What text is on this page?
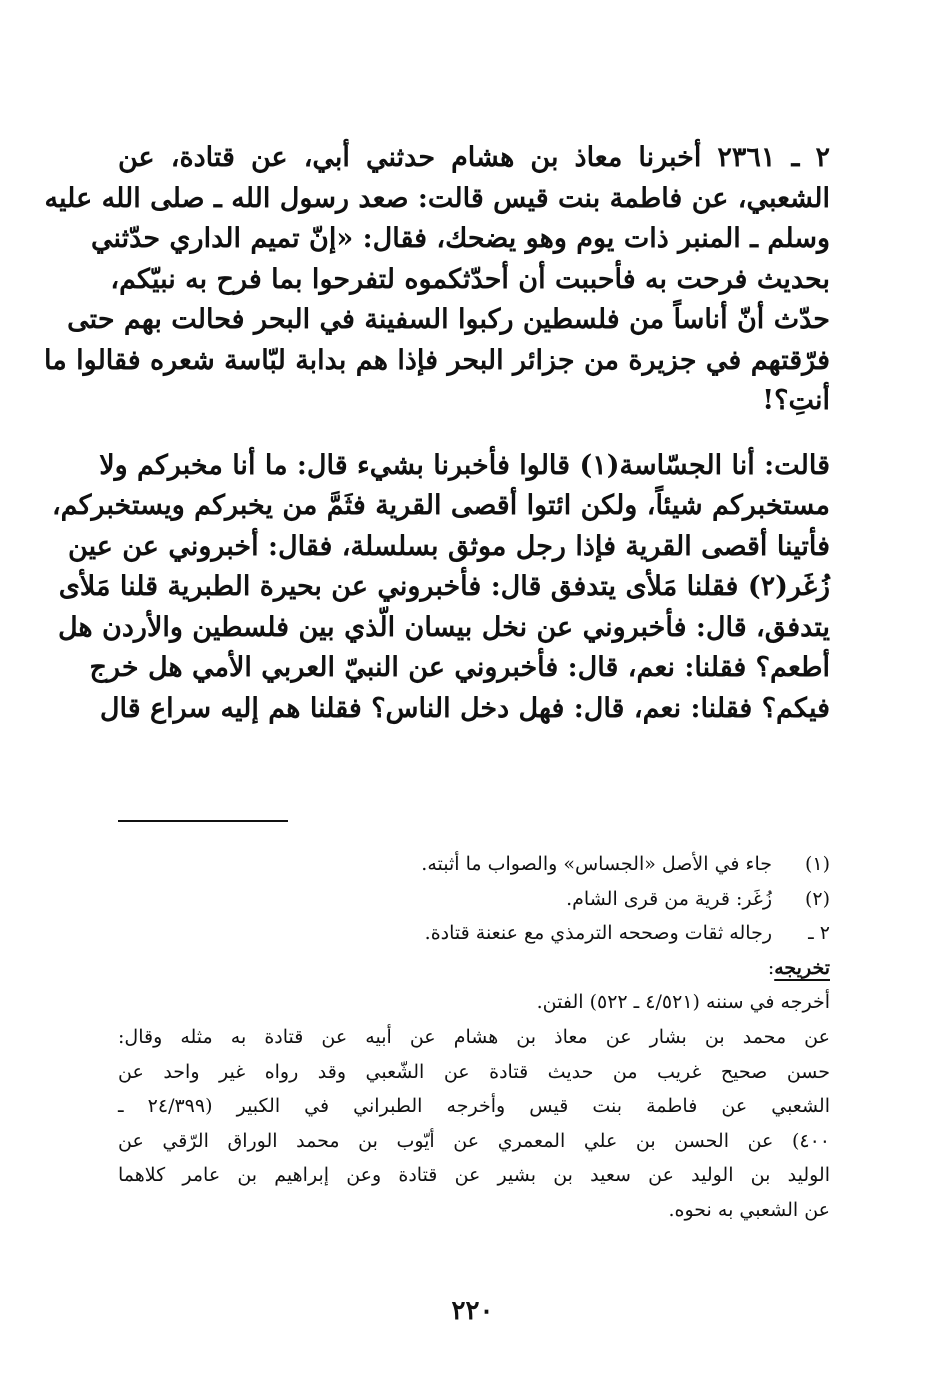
٢ ـ ٢٣٦١ أخبرنا معاذ بن هشام حدثني أبي، عن قتادة، عن
الشعبي، عن فاطمة بنت قيس قالت: صعد رسول الله ـ صلى الله عليه
وسلم ـ المنبر ذات يوم وهو يضحك، فقال: «إنّ تميم الداري حدّثني
بحديث فرحت به فأحببت أن أحدّثكموه لتفرحوا بما فرح به نبيّكم،
حدّث أنّ أناساً من فلسطين ركبوا السفينة في البحر فحالت بهم حتى
فرّقتهم في جزيرة من جزائر البحر فإذا هم بدابة لبّاسة شعره فقالوا ما
أنتِ؟!
قالت: أنا الجسّاسة(١) قالوا فأخبرنا بشيء قال: ما أنا مخبركم ولا
مستخبركم شيئاً، ولكن ائتوا أقصى القرية فثَمَّ من يخبركم ويستخبركم،
فأتينا أقصى القرية فإذا رجل موثق بسلسلة، فقال: أخبروني عن عين
زُغَر(٢) فقلنا مَلأى يتدفق قال: فأخبروني عن بحيرة الطبرية قلنا مَلأى
يتدفق، قال: فأخبروني عن نخل بيسان الّذي بين فلسطين والأردن هل
أطعم؟ فقلنا: نعم، قال: فأخبروني عن النبيّ العربي الأمي هل خرج
فيكم؟ فقلنا: نعم، قال: فهل دخل الناس؟ فقلنا هم إليه سراع قال
(١)
جاء في الأصل «الجساس» والصواب ما أثبته.
(٢)
زُغَر: قرية من قرى الشام.
٢ ـ
رجاله ثقات وصححه الترمذي مع عنعنة قتادة.
تخريجه:
أخرجه في سننه (٤/٥٢١ ـ ٥٢٢) الفتن.
عن محمد بن بشار عن معاذ بن هشام عن أبيه عن قتادة به مثله وقال:
حسن صحيح غريب من حديث قتادة عن الشّعبي وقد رواه غير واحد عن
الشعبي عن فاطمة بنت قيس وأخرجه الطبراني في الكبير (٢٤/٣٩٩ ـ
٤٠٠) عن الحسن بن علي المعمري عن أيّوب بن محمد الوراق الرّقي عن
الوليد بن الوليد عن سعيد بن بشير عن قتادة وعن إبراهيم بن عامر كلاهما
عن الشعبي به نحوه.
٢٢٠
